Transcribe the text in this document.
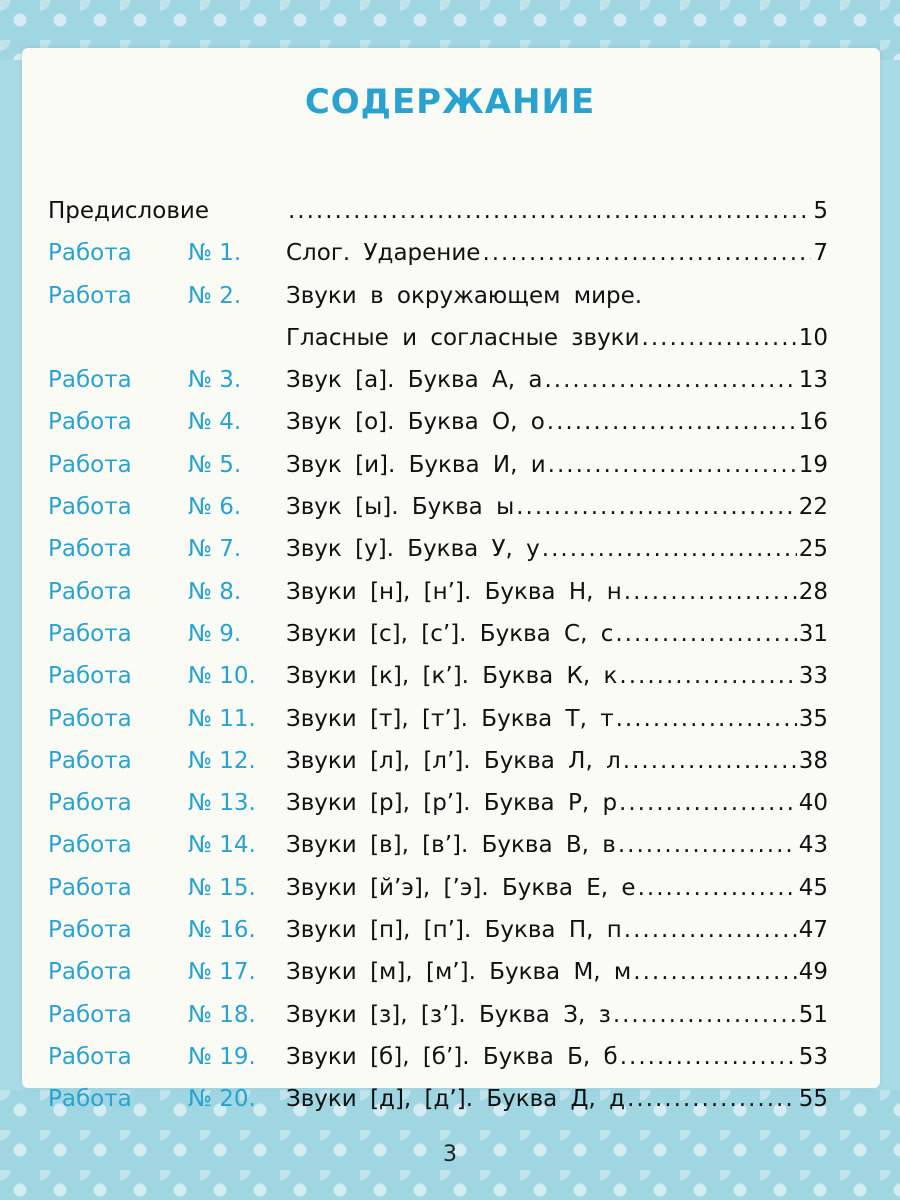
СОДЕРЖАНИЕ
Предисловие .....	5
Работа № 1. Слог. Ударение .....	7
Работа № 2. Звуки в окружающем мире.
Гласные и согласные звуки .....	10
Работа № 3. Звук [а]. Буква А, а .....	13
Работа № 4. Звук [о]. Буква О, о .....	16
Работа № 5. Звук [и]. Буква И, и .....	19
Работа № 6. Звук [ы]. Буква ы .....	22
Работа № 7. Звук [у]. Буква У, у .....	25
Работа № 8. Звуки [н], [н’]. Буква Н, н .....	28
Работа № 9. Звуки [с], [с’]. Буква С, с .....	31
Работа № 10. Звуки [к], [к’]. Буква К, к .....	33
Работа № 11. Звуки [т], [т’]. Буква Т, т .....	35
Работа № 12. Звуки [л], [л’]. Буква Л, л .....	38
Работа № 13. Звуки [р], [р’]. Буква Р, р .....	40
Работа № 14. Звуки [в], [в’]. Буква В, в .....	43
Работа № 15. Звуки [й’э], [’э]. Буква Е, е .....	45
Работа № 16. Звуки [п], [п’]. Буква П, п .....	47
Работа № 17. Звуки [м], [м’]. Буква М, м .....	49
Работа № 18. Звуки [з], [з’]. Буква З, з .....	51
Работа № 19. Звуки [б], [б’]. Буква Б, б .....	53
Работа № 20. Звуки [д], [д’]. Буква Д, д .....	55
3
